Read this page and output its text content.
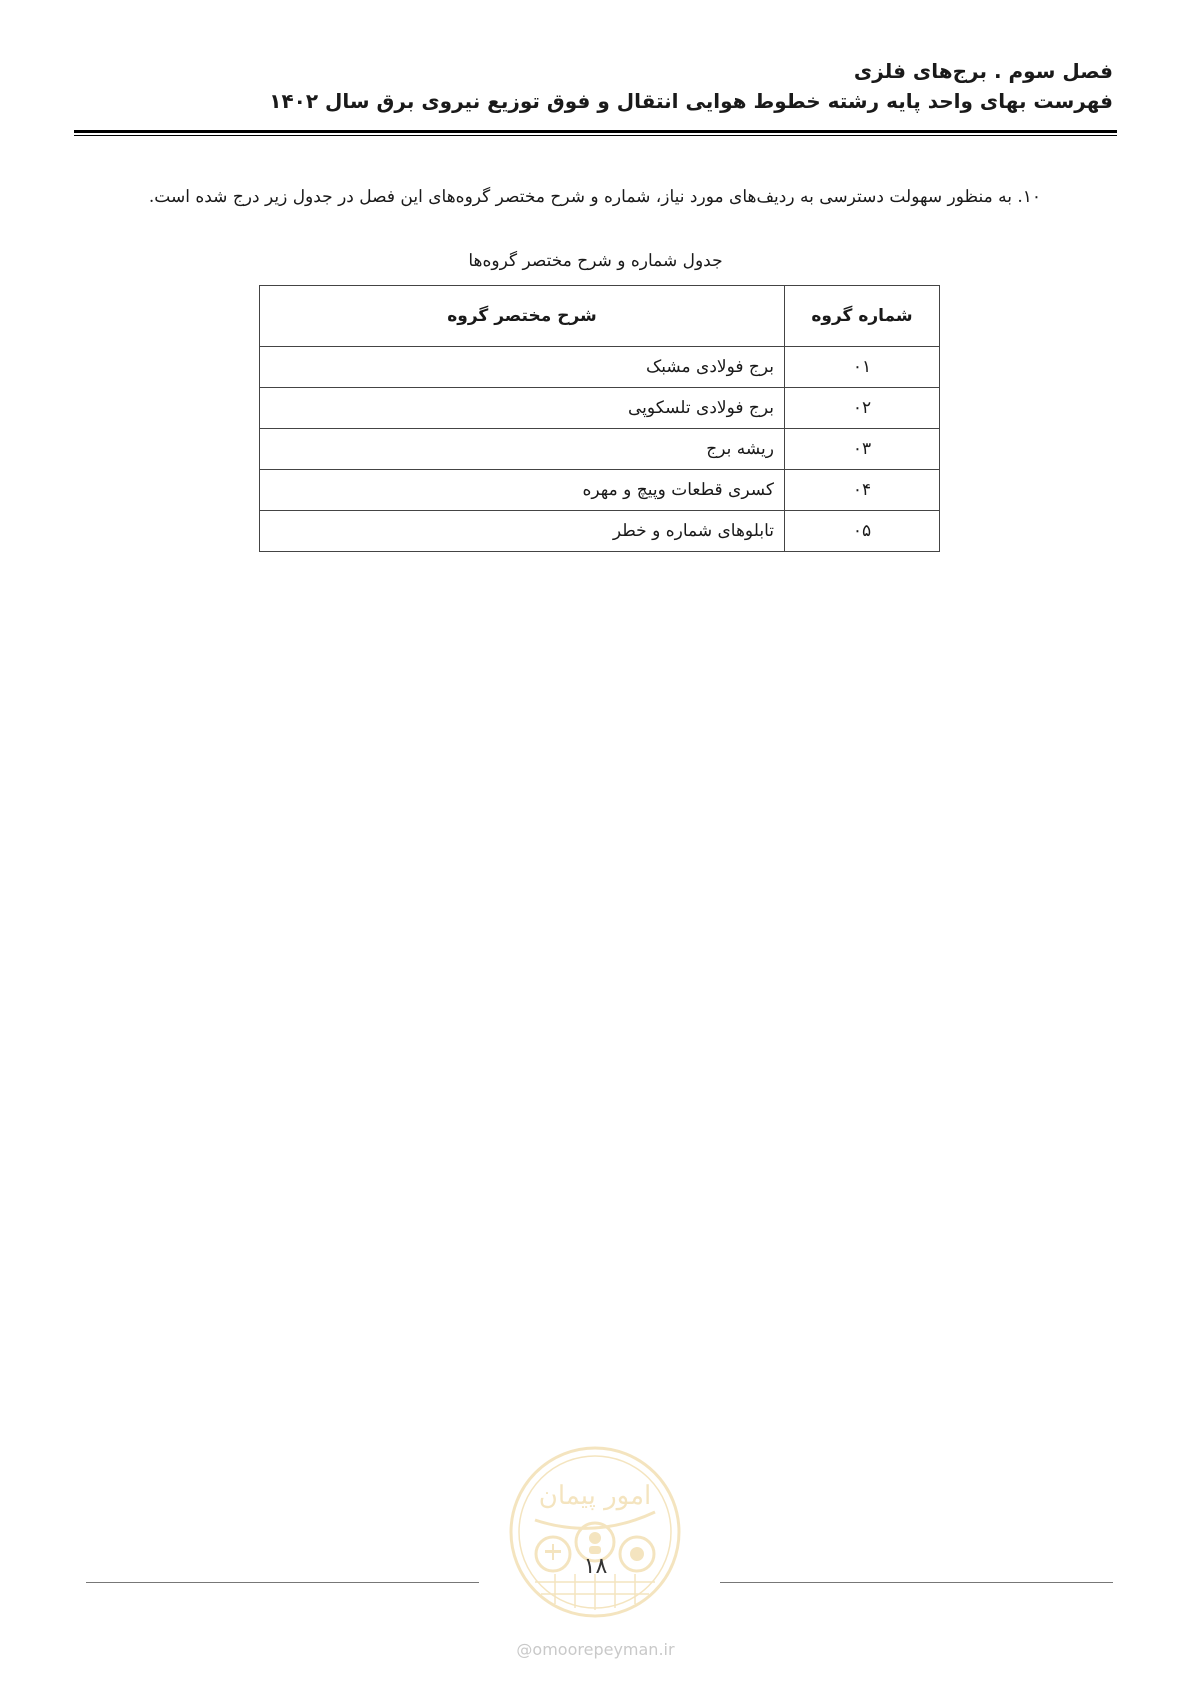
فصل سوم . برج‌های فلزی

فهرست بهای واحد پایه رشته خطوط هوایی انتقال و فوق توزیع نیروی برق سال ۱۴۰۲

۱۰. به منظور سهولت دسترسی به ردیف‌های مورد نیاز، شماره و شرح مختصر گروه‌های این فصل در جدول زیر درج شده است.

جدول شماره و شرح مختصر گروه‌ها
شماره گروه	شرح مختصر گروه
۰۱	برج فولادی مشبک
۰۲	برج فولادی تلسکوپی
۰۳	ریشه برج
۰۴	کسری قطعات وپیچ و مهره
۰۵	تابلوهای شماره و خطر
امور پیمان
۱۸
@omoorepeyman.ir
